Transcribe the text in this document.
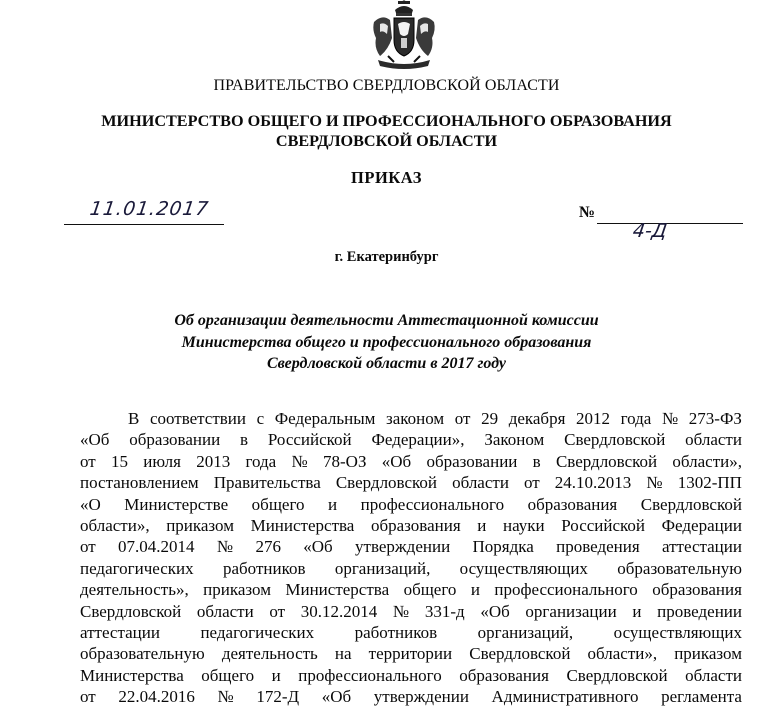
ПРАВИТЕЛЬСТВО СВЕРДЛОВСКОЙ ОБЛАСТИ
МИНИСТЕРСТВО ОБЩЕГО И ПРОФЕССИОНАЛЬНОГО ОБРАЗОВАНИЯ
СВЕРДЛОВСКОЙ ОБЛАСТИ
ПРИКАЗ
11.01.2017	№
4-Д
г. Екатеринбург
Об организации деятельности Аттестационной комиссии
Министерства общего и профессионального образования
Свердловской области в 2017 году
В соответствии с Федеральным законом от 29 декабря 2012 года № 273-ФЗ
«Об образовании в Российской Федерации», Законом Свердловской области
от 15 июля 2013 года № 78-ОЗ «Об образовании в Свердловской области»,
постановлением Правительства Свердловской области от 24.10.2013 № 1302-ПП
«О Министерстве общего и профессионального образования Свердловской
области», приказом Министерства образования и науки Российской Федерации
от 07.04.2014 № 276 «Об утверждении Порядка проведения аттестации
педагогических работников организаций, осуществляющих образовательную
деятельность», приказом Министерства общего и профессионального образования
Свердловской области от 30.12.2014 № 331-д «Об организации и проведении
аттестации педагогических работников организаций, осуществляющих
образовательную деятельность на территории Свердловской области», приказом
Министерства общего и профессионального образования Свердловской области
от 22.04.2016 № 172-Д «Об утверждении Административного регламента
